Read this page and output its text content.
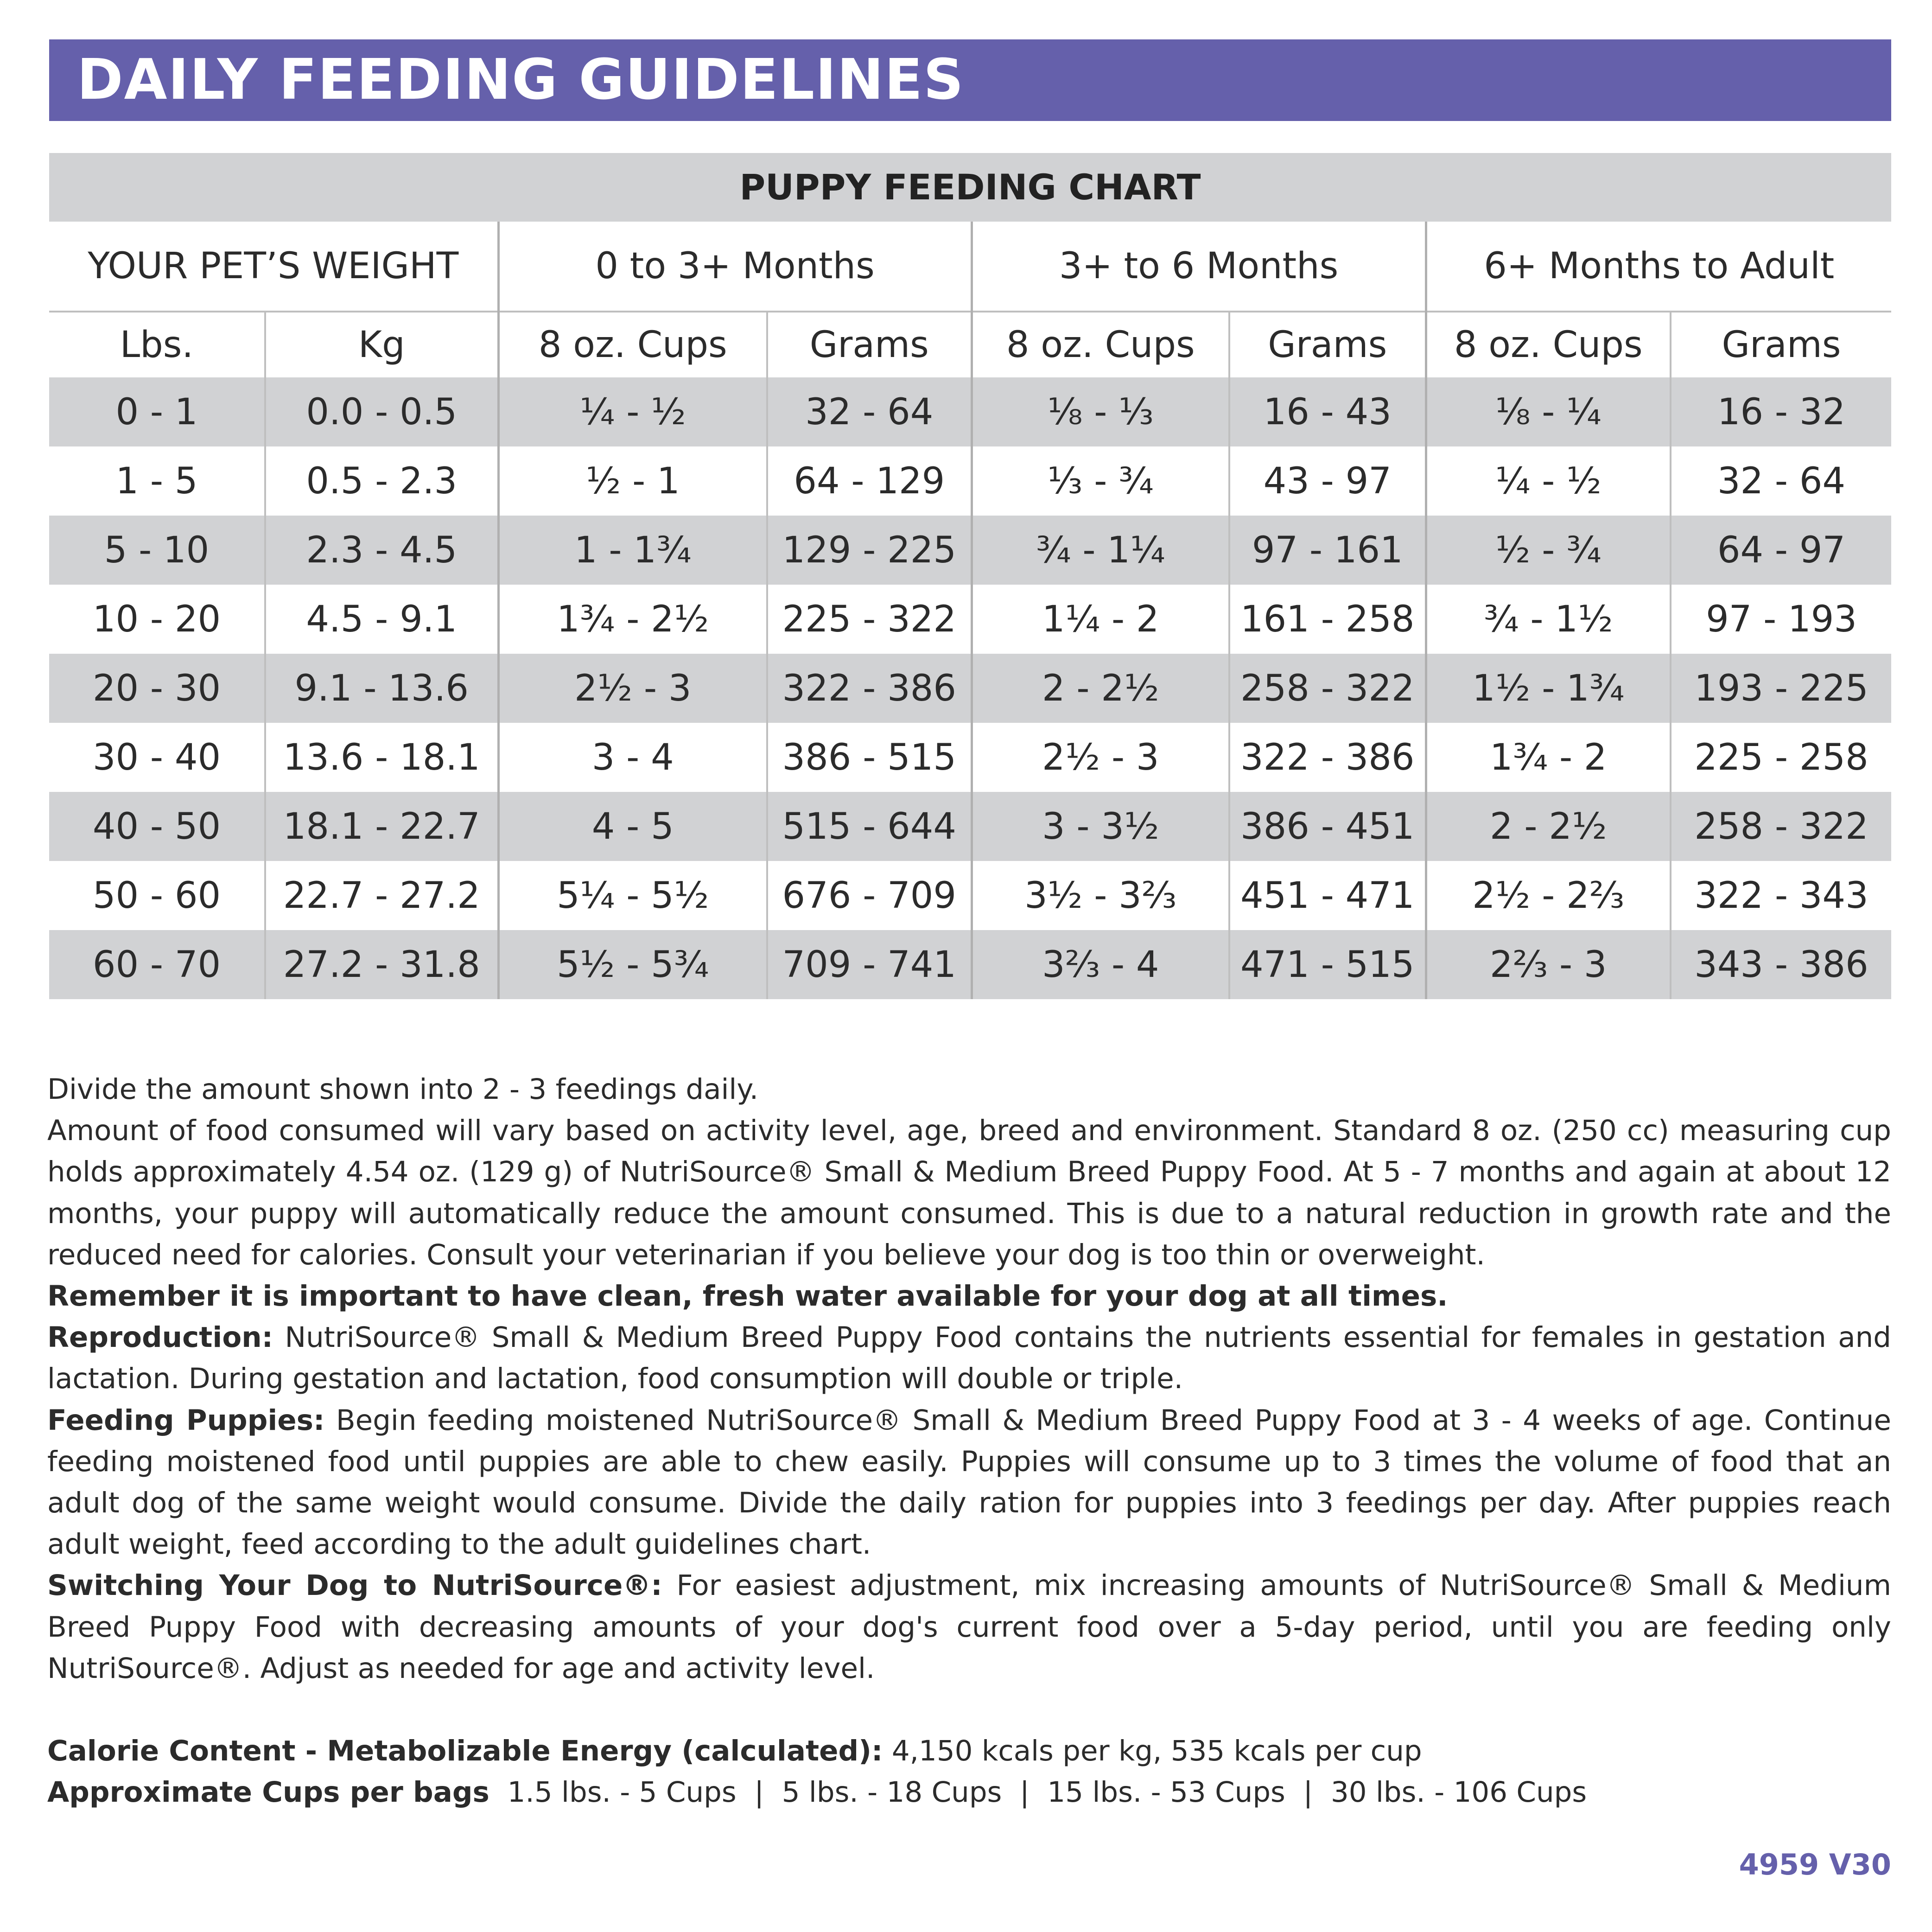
DAILY FEEDING GUIDELINES
PUPPY FEEDING CHART
YOUR PET’S WEIGHT		0 to 3+ Months		3+ to 6 Months		6+ Months to Adult	
Lbs.	Kg	8 oz. Cups	Grams	8 oz. Cups	Grams	8 oz. Cups	Grams
0 - 1	0.0 - 0.5	¼ - ½	32 - 64	⅛ - ⅓	16 - 43	⅛ - ¼	16 - 32
1 - 5	0.5 - 2.3	½ - 1	64 - 129	⅓ - ¾	43 - 97	¼ - ½	32 - 64
5 - 10	2.3 - 4.5	1 - 1¾	129 - 225	¾ - 1¼	97 - 161	½ - ¾	64 - 97
10 - 20	4.5 - 9.1	1¾ - 2½	225 - 322	1¼ - 2	161 - 258	¾ - 1½	97 - 193
20 - 30	9.1 - 13.6	2½ - 3	322 - 386	2 - 2½	258 - 322	1½ - 1¾	193 - 225
30 - 40	13.6 - 18.1	3 - 4	386 - 515	2½ - 3	322 - 386	1¾ - 2	225 - 258
40 - 50	18.1 - 22.7	4 - 5	515 - 644	3 - 3½	386 - 451	2 - 2½	258 - 322
50 - 60	22.7 - 27.2	5¼ - 5½	676 - 709	3½ - 3⅔	451 - 471	2½ - 2⅔	322 - 343
60 - 70	27.2 - 31.8	5½ - 5¾	709 - 741	3⅔ - 4	471 - 515	2⅔ - 3	343 - 386

Divide the amount shown into 2 - 3 feedings daily.

Amount of food consumed will vary based on activity level, age, breed and environment. Standard 8 oz. (250 cc) measuring cup holds approximately 4.54 oz. (129 g) of NutriSource® Small & Medium Breed Puppy Food. At 5 - 7 months and again at about 12 months, your puppy will automatically reduce the amount consumed. This is due to a natural reduction in growth rate and the reduced need for calories. Consult your veterinarian if you believe your dog is too thin or overweight.

Remember it is important to have clean, fresh water available for your dog at all times.

Reproduction: NutriSource® Small & Medium Breed Puppy Food contains the nutrients essential for females in gestation and lactation. During gestation and lactation, food consumption will double or triple.

Feeding Puppies: Begin feeding moistened NutriSource® Small & Medium Breed Puppy Food at 3 - 4 weeks of age. Continue feeding moistened food until puppies are able to chew easily. Puppies will consume up to 3 times the volume of food that an adult dog of the same weight would consume. Divide the daily ration for puppies into 3 feedings per day. After puppies reach adult weight, feed according to the adult guidelines chart.

Switching Your Dog to NutriSource®: For easiest adjustment, mix increasing amounts of NutriSource® Small & Medium Breed Puppy Food with decreasing amounts of your dog's current food over a 5-day period, until you are feeding only NutriSource®. Adjust as needed for age and activity level.

Calorie Content - Metabolizable Energy (calculated): 4,150 kcals per kg, 535 kcals per cup

Approximate Cups per bags  1.5 lbs. - 5 Cups  |  5 lbs. - 18 Cups  |  15 lbs. - 53 Cups  |  30 lbs. - 106 Cups

4959 V30
